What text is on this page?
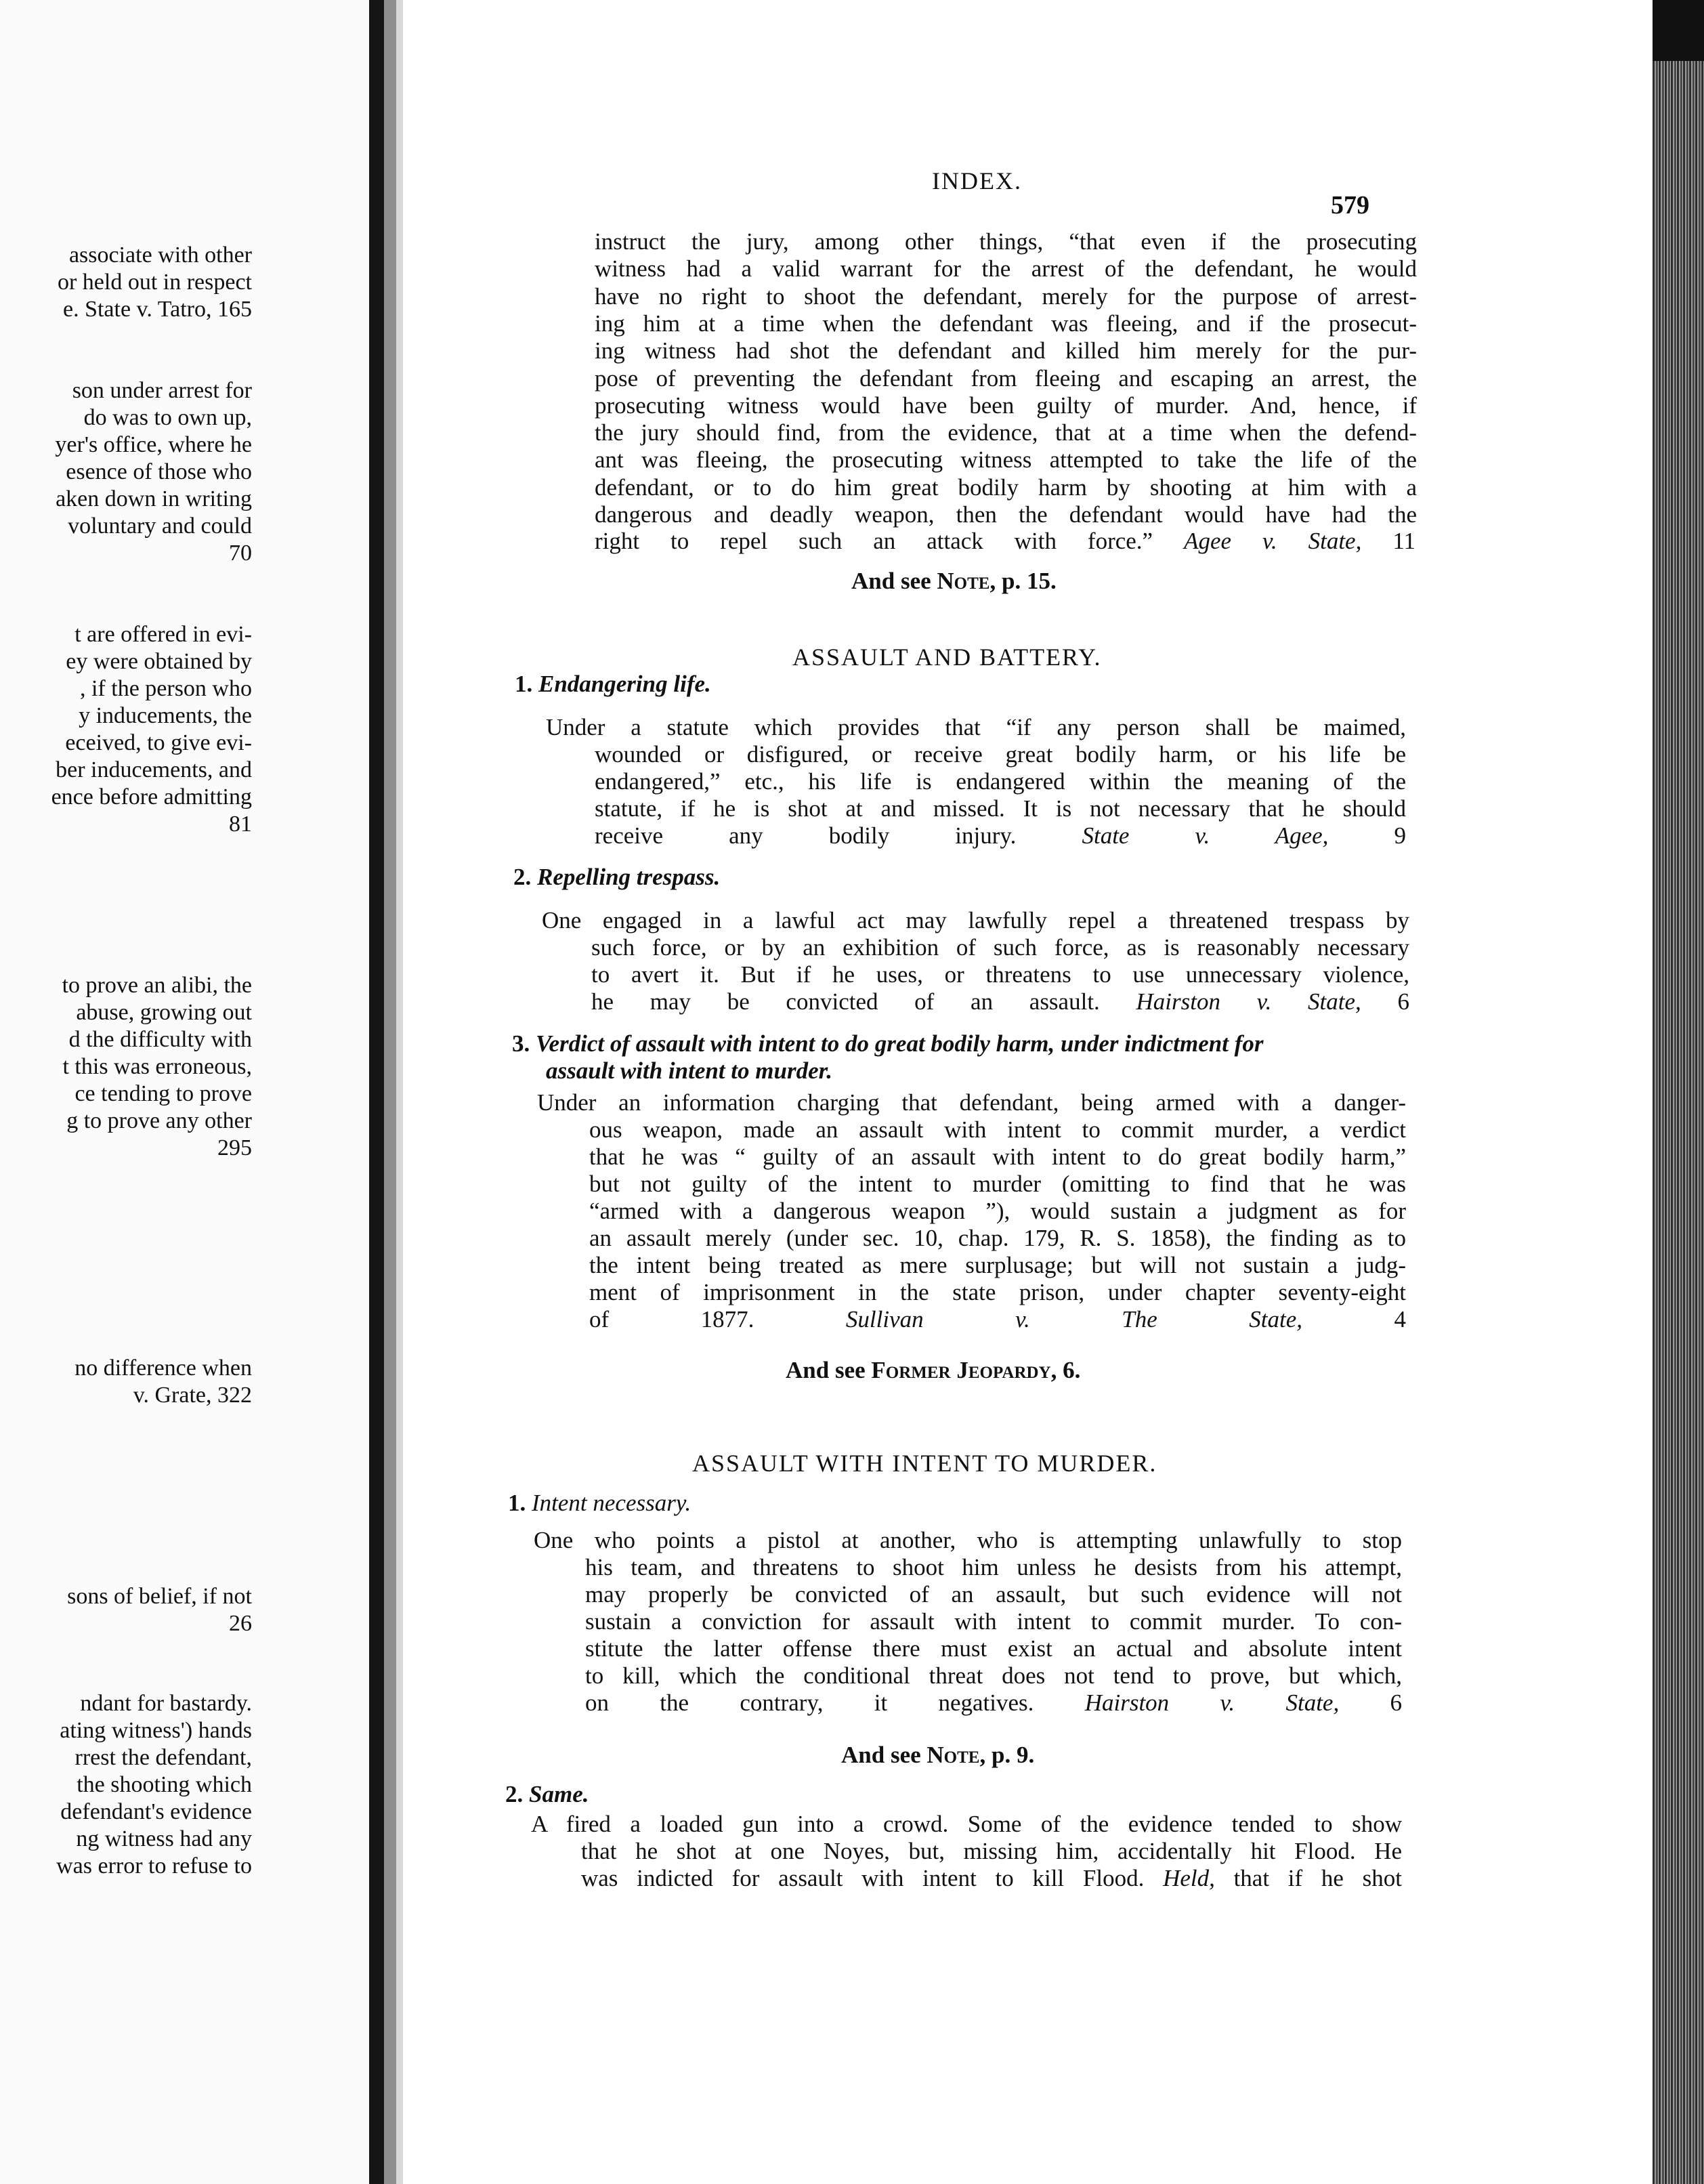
associate with other
or held out in respect
e. State v. Tatro, 165
son under arrest for
do was to own up,
yer's office, where he
esence of those who
aken down in writing
voluntary and could
70
t are offered in evi-
ey were obtained by
, if the person who
y inducements, the
eceived, to give evi-
ber inducements, and
ence before admitting
81
to prove an alibi, the
abuse, growing out
d the difficulty with
t this was erroneous,
ce tending to prove
g to prove any other
295
no difference when
v. Grate, 322
sons of belief, if not
26
ndant for bastardy.
ating witness') hands
rrest the defendant,
the shooting which
defendant's evidence
ng witness had any
was error to refuse to
INDEX.
579
instruct the jury, among other things, “that even if the prosecuting
witness had a valid warrant for the arrest of the defendant, he would
have no right to shoot the defendant, merely for the purpose of arrest-
ing him at a time when the defendant was fleeing, and if the prosecut-
ing witness had shot the defendant and killed him merely for the pur-
pose of preventing the defendant from fleeing and escaping an arrest, the
prosecuting witness would have been guilty of murder. And, hence, if
the jury should find, from the evidence, that at a time when the defend-
ant was fleeing, the prosecuting witness attempted to take the life of the
defendant, or to do him great bodily harm by shooting at him with a
dangerous and deadly weapon, then the defendant would have had the
right to repel such an attack with force.” Agee v. State, 11
And see Note, p. 15.
ASSAULT AND BATTERY.
1. Endangering life.
Under a statute which provides that “if any person shall be maimed,
wounded or disfigured, or receive great bodily harm, or his life be
endangered,” etc., his life is endangered within the meaning of the
statute, if he is shot at and missed. It is not necessary that he should
receive any bodily injury.	State v. Agee,	9
2. Repelling trespass.
One engaged in a lawful act may lawfully repel a threatened trespass by
such force, or by an exhibition of such force, as is reasonably necessary
to avert it. But if he uses, or threatens to use unnecessary violence,
he may be convicted of an assault. Hairston v. State, 6
3. Verdict of assault with intent to do great bodily harm, under indictment for
assault with intent to murder.
Under an information charging that defendant, being armed with a danger-
ous weapon, made an assault with intent to commit murder, a verdict
that he was “ guilty of an assault with intent to do great bodily harm,”
but not guilty of the intent to murder (omitting to find that he was
“armed with a dangerous weapon ”), would sustain a judgment as for
an assault merely (under sec. 10, chap. 179, R. S. 1858), the finding as to
the intent being treated as mere surplusage; but will not sustain a judg-
ment of imprisonment in the state prison, under chapter seventy-eight
of 1877.	Sullivan v. The State,	4
And see Former Jeopardy, 6.
ASSAULT WITH INTENT TO MURDER.
1. Intent necessary.
One who points a pistol at another, who is attempting unlawfully to stop
his team, and threatens to shoot him unless he desists from his attempt,
may properly be convicted of an assault, but such evidence will not
sustain a conviction for assault with intent to commit murder. To con-
stitute the latter offense there must exist an actual and absolute intent
to kill, which the conditional threat does not tend to prove, but which,
on the contrary, it negatives. Hairston v. State, 6
And see Note, p. 9.
2. Same.
A fired a loaded gun into a crowd. Some of the evidence tended to show
that he shot at one Noyes, but, missing him, accidentally hit Flood. He
was indicted for assault with intent to kill Flood. Held, that if he shot
